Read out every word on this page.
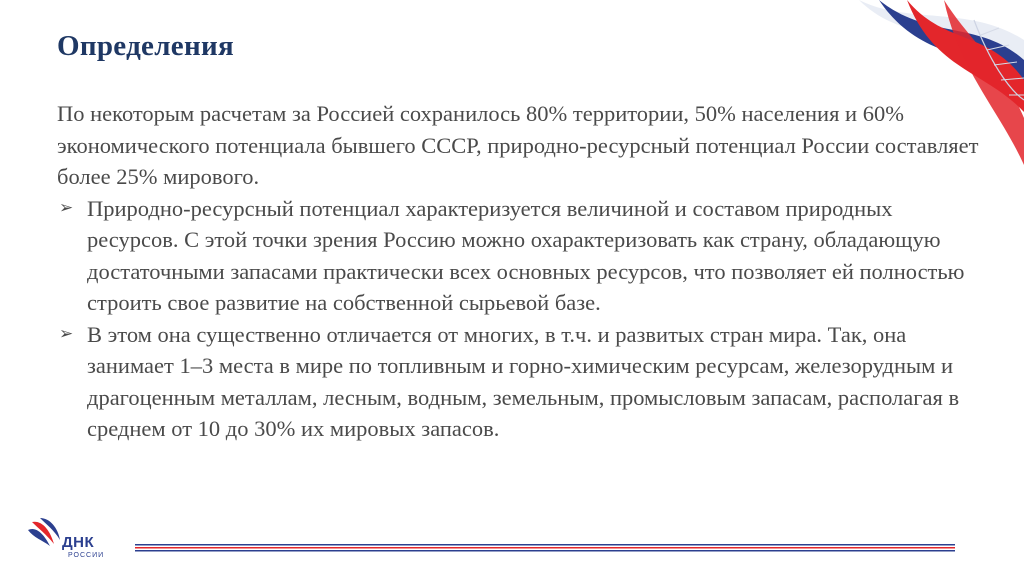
Определения

По некоторым расчетам за Россией сохранилось 80% территории, 50% населения и 60% экономического потенциала бывшего СССР, природно-ресурсный потенциал России составляет более 25% мирового.

➢ Природно-ресурсный потенциал характеризуется величиной и составом природных ресурсов. С этой точки зрения Россию можно охарактеризовать как страну, обладающую достаточными запасами практически всех основных ресурсов, что позволяет ей полностью строить свое развитие на собственной сырьевой базе.

➢ В этом она существенно отличается от многих, в т.ч. и развитых стран мира. Так, она занимает 1–3 места в мире по топливным и горно-химическим ресурсам, железорудным и драгоценным металлам, лесным, водным, земельным, промысловым запасам, располагая в среднем от 10 до 30% их мировых запасов.

ДНК
РОССИИ
